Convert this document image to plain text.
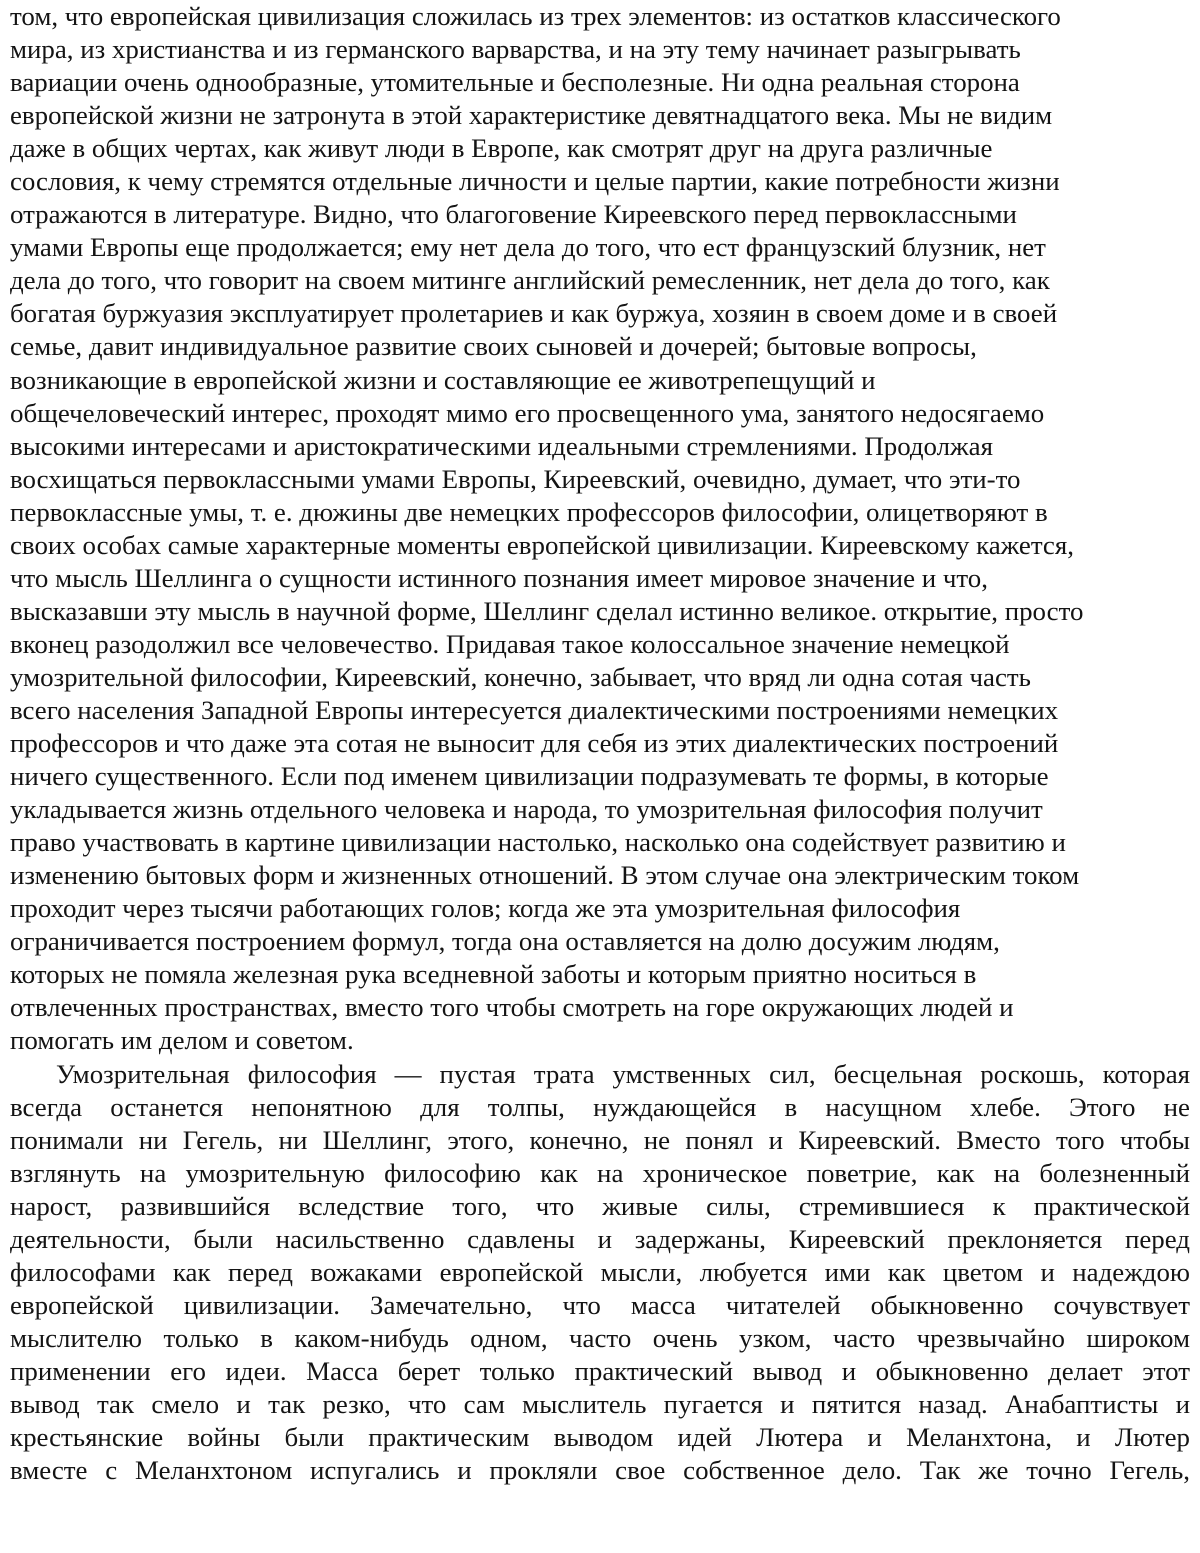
том, что европейская цивилизация сложилась из трех элементов: из остатков классического
мира, из христианства и из германского варварства, и на эту тему начинает разыгрывать
вариации очень однообразные, утомительные и бесполезные. Ни одна реальная сторона
европейской жизни не затронута в этой характеристике девятнадцатого века. Мы не видим
даже в общих чертах, как живут люди в Европе, как смотрят друг на друга различные
сословия, к чему стремятся отдельные личности и целые партии, какие потребности жизни
отражаются в литературе. Видно, что благоговение Киреевского перед первоклассными
умами Европы еще продолжается; ему нет дела до того, что ест французский блузник, нет
дела до того, что говорит на своем митинге английский ремесленник, нет дела до того, как
богатая буржуазия эксплуатирует пролетариев и как буржуа, хозяин в своем доме и в своей
семье, давит индивидуальное развитие своих сыновей и дочерей; бытовые вопросы,
возникающие в европейской жизни и составляющие ее животрепещущий и
общечеловеческий интерес, проходят мимо его просвещенного ума, занятого недосягаемо
высокими интересами и аристократическими идеальными стремлениями. Продолжая
восхищаться первоклассными умами Европы, Киреевский, очевидно, думает, что эти-то
первоклассные умы, т. е. дюжины две немецких профессоров философии, олицетворяют в
своих особах самые характерные моменты европейской цивилизации. Киреевскому кажется,
что мысль Шеллинга о сущности истинного познания имеет мировое значение и что,
высказавши эту мысль в научной форме, Шеллинг сделал истинно великое. открытие, просто
вконец разодолжил все человечество. Придавая такое колоссальное значение немецкой
умозрительной философии, Киреевский, конечно, забывает, что вряд ли одна сотая часть
всего населения Западной Европы интересуется диалектическими построениями немецких
профессоров и что даже эта сотая не выносит для себя из этих диалектических построений
ничего существенного. Если под именем цивилизации подразумевать те формы, в которые
укладывается жизнь отдельного человека и народа, то умозрительная философия получит
право участвовать в картине цивилизации настолько, насколько она содействует развитию и
изменению бытовых форм и жизненных отношений. В этом случае она электрическим током
проходит через тысячи работающих голов; когда же эта умозрительная философия
ограничивается построением формул, тогда она оставляется на долю досужим людям,
которых не помяла железная рука вседневной заботы и которым приятно носиться в
отвлеченных пространствах, вместо того чтобы смотреть на горе окружающих людей и
помогать им делом и советом.
Умозрительная философия — пустая трата умственных сил, бесцельная роскошь, которая
всегда останется непонятною для толпы, нуждающейся в насущном хлебе. Этого не
понимали ни Гегель, ни Шеллинг, этого, конечно, не понял и Киреевский. Вместо того чтобы
взглянуть на умозрительную философию как на хроническое поветрие, как на болезненный
нарост, развившийся вследствие того, что живые силы, стремившиеся к практической
деятельности, были насильственно сдавлены и задержаны, Киреевский преклоняется перед
философами как перед вожаками европейской мысли, любуется ими как цветом и надеждою
европейской цивилизации. Замечательно, что масса читателей обыкновенно сочувствует
мыслителю только в каком-нибудь одном, часто очень узком, часто чрезвычайно широком
применении его идеи. Масса берет только практический вывод и обыкновенно делает этот
вывод так смело и так резко, что сам мыслитель пугается и пятится назад. Анабаптисты и
крестьянские войны были практическим выводом идей Лютера и Меланхтона, и Лютер
вместе с Меланхтоном испугались и прокляли свое собственное дело. Так же точно Гегель,
